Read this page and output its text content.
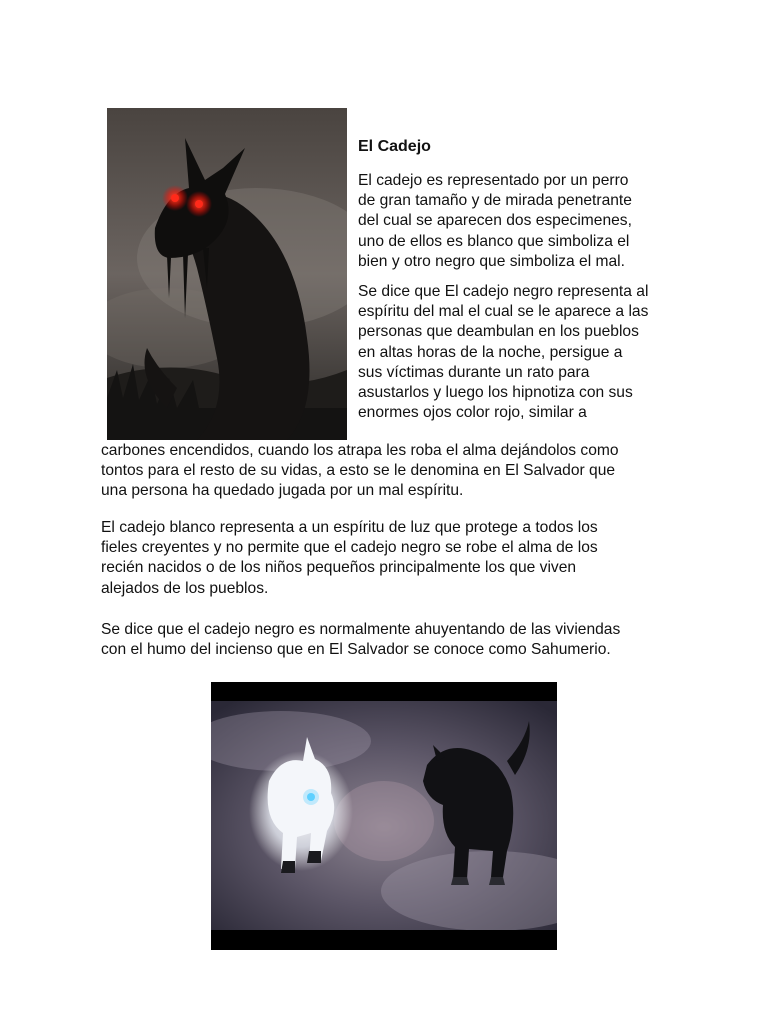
El Cadejo

El cadejo es representado por un perro
de gran tamaño y de mirada penetrante
del cual se aparecen dos especimenes,
uno de ellos es blanco que simboliza el
bien y otro negro que simboliza el mal.

Se dice que El cadejo negro representa al
espíritu del mal el cual se le aparece a las
personas que deambulan en los pueblos
en altas horas de la noche, persigue a
sus víctimas durante un rato para
asustarlos y luego los hipnotiza con sus
enormes ojos color rojo, similar a

carbones encendidos, cuando los atrapa les roba el alma dejándolos como
tontos para el resto de su vidas, a esto se le denomina en El Salvador que
una persona ha quedado jugada por un mal espíritu.
El cadejo blanco representa a un espíritu de luz que protege a todos los
fieles creyentes y no permite que el cadejo negro se robe el alma de los
recién nacidos o de los niños pequeños principalmente los que viven
alejados de los pueblos.
Se dice que el cadejo negro es normalmente ahuyentando de las viviendas
con el humo del incienso que en El Salvador se conoce como Sahumerio.
